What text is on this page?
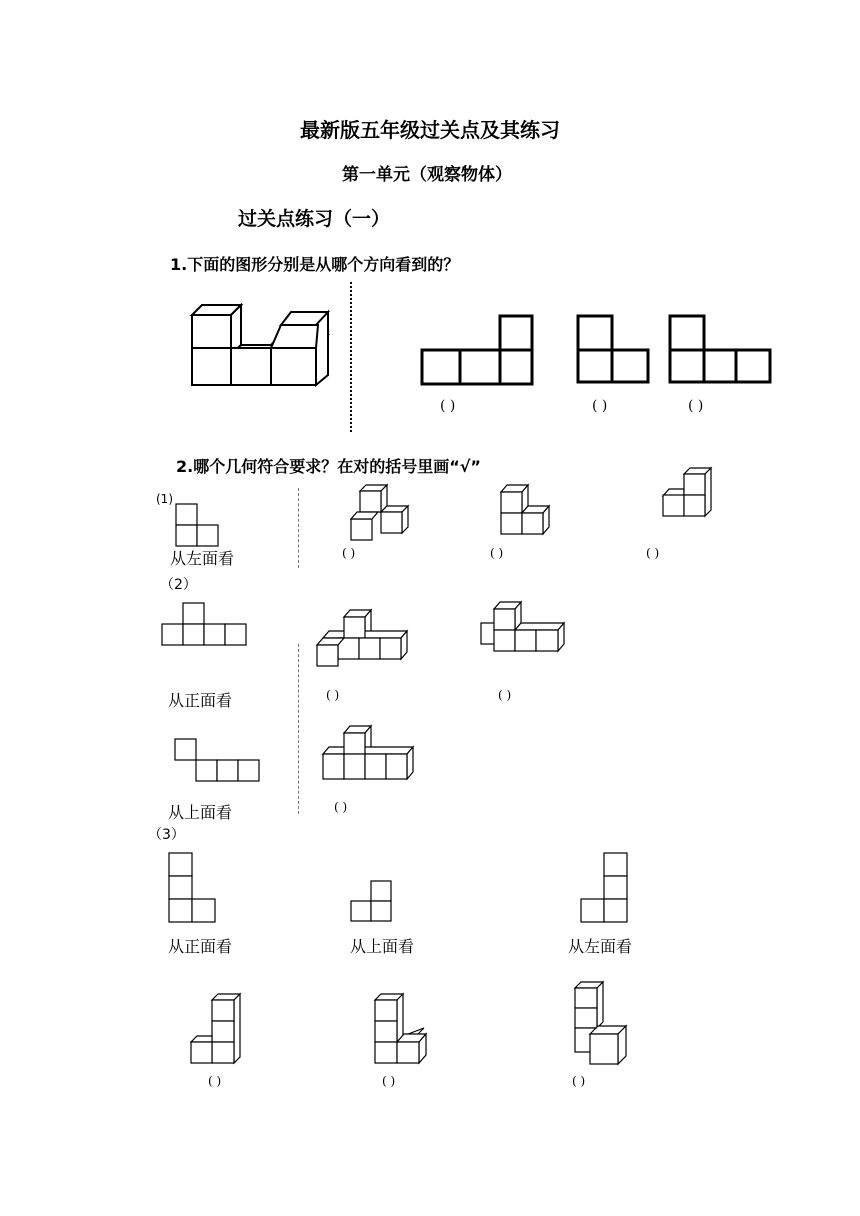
最新版五年级过关点及其练习
第一单元（观察物体）
过关点练习（一）
1.下面的图形分别是从哪个方向看到的？
( )	( )	( )
2.哪个几何符合要求？在对的括号里画“√”
(1)
从左面看	( )	( )	( )
（2）
从正面看
从上面看
( )	( )
( )
（3）
从正面看	从上面看	从左面看
( )	( )	( )
